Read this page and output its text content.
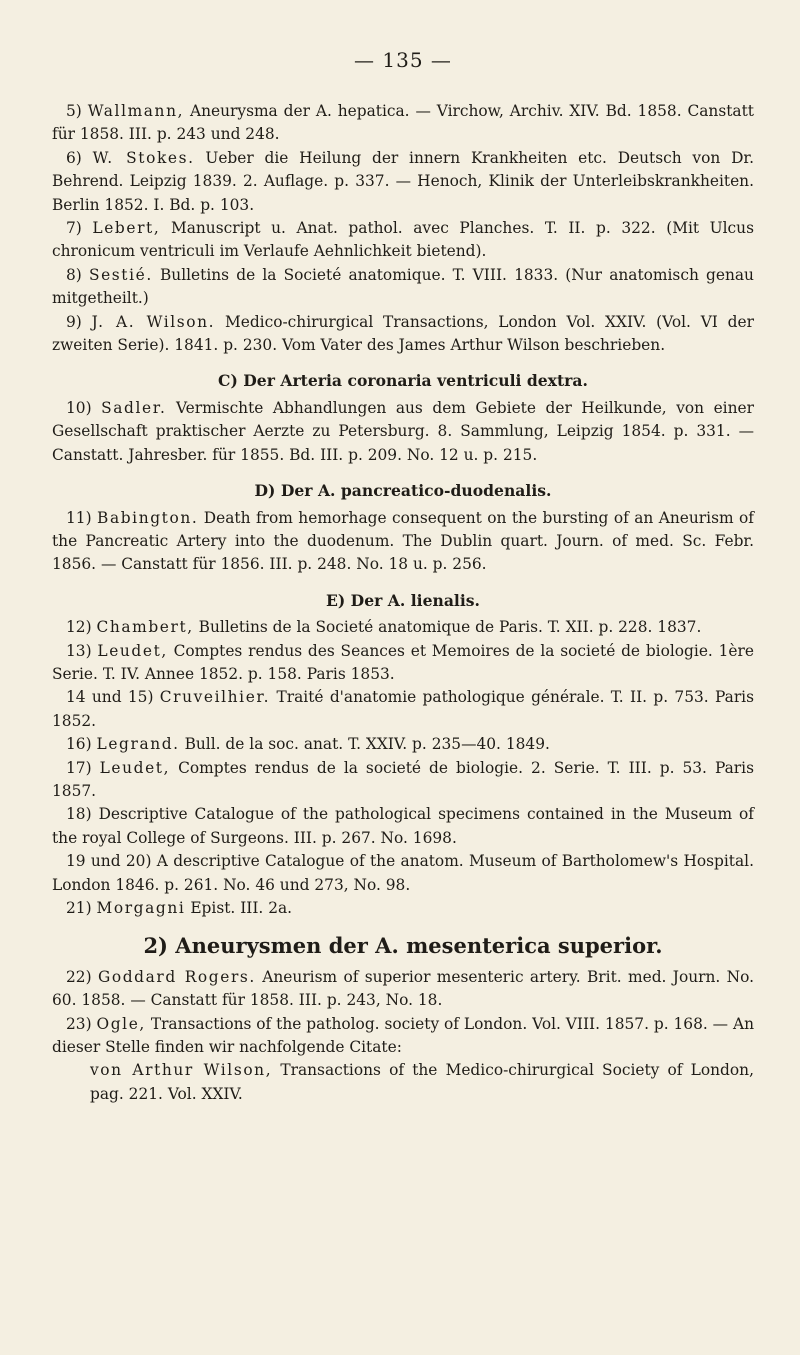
— 135 —

5) Wallmann, Aneurysma der A. hepatica. — Virchow, Archiv. XIV. Bd. 1858. Canstatt für 1858. III. p. 243 und 248.

6) W. Stokes. Ueber die Heilung der innern Krankheiten etc. Deutsch von Dr. Behrend. Leipzig 1839. 2. Auflage. p. 337. — Henoch, Klinik der Unterleibskrankheiten. Berlin 1852. I. Bd. p. 103.

7) Lebert, Manuscript u. Anat. pathol. avec Planches. T. II. p. 322. (Mit Ulcus chronicum ventriculi im Verlaufe Aehnlichkeit bietend).

8) Sestié. Bulletins de la Societé anatomique. T. VIII. 1833. (Nur anatomisch genau mitgetheilt.)

9) J. A. Wilson. Medico-chirurgical Transactions, London Vol. XXIV. (Vol. VI der zweiten Serie). 1841. p. 230. Vom Vater des James Arthur Wilson beschrieben.

C) Der Arteria coronaria ventriculi dextra.

10) Sadler. Vermischte Abhandlungen aus dem Gebiete der Heilkunde, von einer Gesellschaft praktischer Aerzte zu Petersburg. 8. Sammlung, Leipzig 1854. p. 331. — Canstatt. Jahresber. für 1855. Bd. III. p. 209. No. 12 u. p. 215.

D) Der A. pancreatico-duodenalis.

11) Babington. Death from hemorhage consequent on the bursting of an Aneurism of the Pancreatic Artery into the duodenum. The Dublin quart. Journ. of med. Sc. Febr. 1856. — Canstatt für 1856. III. p. 248. No. 18 u. p. 256.

E) Der A. lienalis.

12) Chambert, Bulletins de la Societé anatomique de Paris. T. XII. p. 228. 1837.

13) Leudet, Comptes rendus des Seances et Memoires de la societé de biologie. 1ère Serie. T. IV. Annee 1852. p. 158. Paris 1853.

14 und 15) Cruveilhier. Traité d'anatomie pathologique générale. T. II. p. 753. Paris 1852.

16) Legrand. Bull. de la soc. anat. T. XXIV. p. 235—40. 1849.

17) Leudet, Comptes rendus de la societé de biologie. 2. Serie. T. III. p. 53. Paris 1857.

18) Descriptive Catalogue of the pathological specimens contained in the Museum of the royal College of Surgeons. III. p. 267. No. 1698.

19 und 20) A descriptive Catalogue of the anatom. Museum of Bartholomew's Hospital. London 1846. p. 261. No. 46 und 273, No. 98.

21) Morgagni Epist. III. 2a.

2) Aneurysmen der A. mesenterica superior.

22) Goddard Rogers. Aneurism of superior mesenteric artery. Brit. med. Journ. No. 60. 1858. — Canstatt für 1858. III. p. 243, No. 18.

23) Ogle, Transactions of the patholog. society of London. Vol. VIII. 1857. p. 168. — An dieser Stelle finden wir nachfolgende Citate:

von Arthur Wilson, Transactions of the Medico-chirurgical Society of London, pag. 221. Vol. XXIV.
